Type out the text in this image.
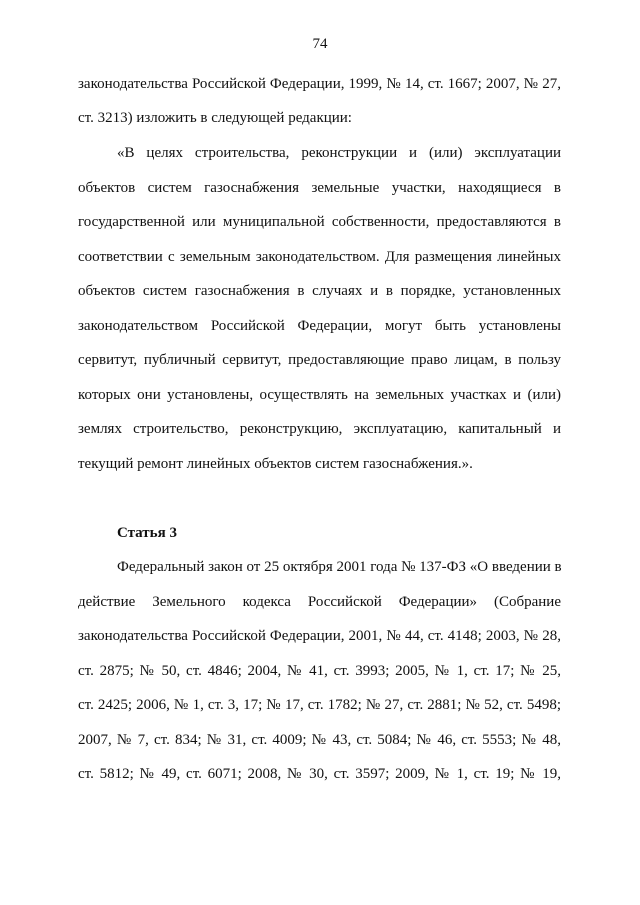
74
законодательства Российской Федерации, 1999, № 14, ст. 1667; 2007, № 27,
ст. 3213) изложить в следующей редакции:
«В целях строительства, реконструкции и (или) эксплуатации
объектов систем газоснабжения земельные участки, находящиеся в
государственной или муниципальной собственности, предоставляются в
соответствии с земельным законодательством. Для размещения линейных
объектов систем газоснабжения в случаях и в порядке, установленных
законодательством Российской Федерации, могут быть установлены
сервитут, публичный сервитут, предоставляющие право лицам, в пользу
которых они установлены, осуществлять на земельных участках и (или)
землях строительство, реконструкцию, эксплуатацию, капитальный и
текущий ремонт линейных объектов систем газоснабжения.».
Статья 3
Федеральный закон от 25 октября 2001 года № 137-ФЗ «О введении в
действие Земельного кодекса Российской Федерации» (Собрание
законодательства Российской Федерации, 2001, № 44, ст. 4148; 2003, № 28,
ст. 2875; № 50, ст. 4846; 2004, № 41, ст. 3993; 2005, № 1, ст. 17; № 25,
ст. 2425; 2006, № 1, ст. 3, 17; № 17, ст. 1782; № 27, ст. 2881; № 52, ст. 5498;
2007, № 7, ст. 834; № 31, ст. 4009; № 43, ст. 5084; № 46, ст. 5553; № 48,
ст. 5812; № 49, ст. 6071; 2008, № 30, ст. 3597; 2009, № 1, ст. 19; № 19,
